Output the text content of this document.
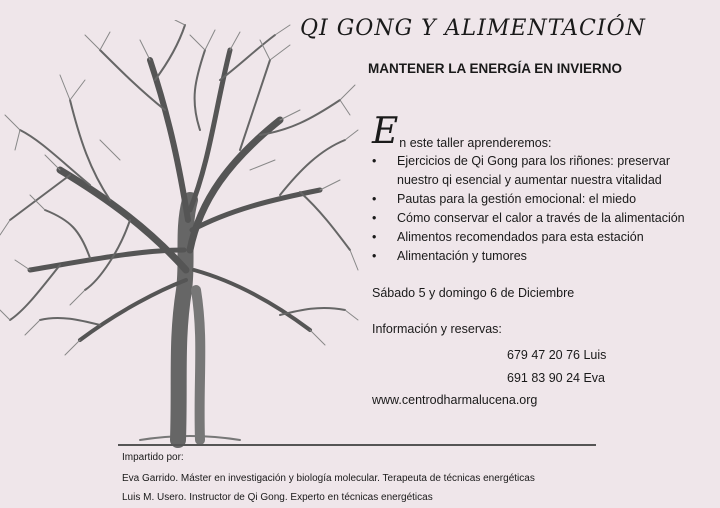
QI GONG Y ALIMENTACIÓN
MANTENER LA ENERGÍA EN INVIERNO
En este taller aprenderemos:
• Ejercicios de Qi Gong para los riñones: preservar nuestro qi esencial y aumentar nuestra vitalidad
• Pautas para la gestión emocional: el miedo
• Cómo conservar el calor a través de la alimentación
• Alimentos recomendados para esta estación
• Alimentación y tumores
Sábado 5 y domingo 6 de Diciembre
Información y reservas:
679 47 20 76 Luis
691 83 90 24 Eva
www.centrodharmalucena.org
Impartido por:
Eva Garrido. Máster en investigación y biología molecular. Terapeuta de técnicas energéticas
Luis M. Usero. Instructor de Qi Gong. Experto en técnicas energéticas
